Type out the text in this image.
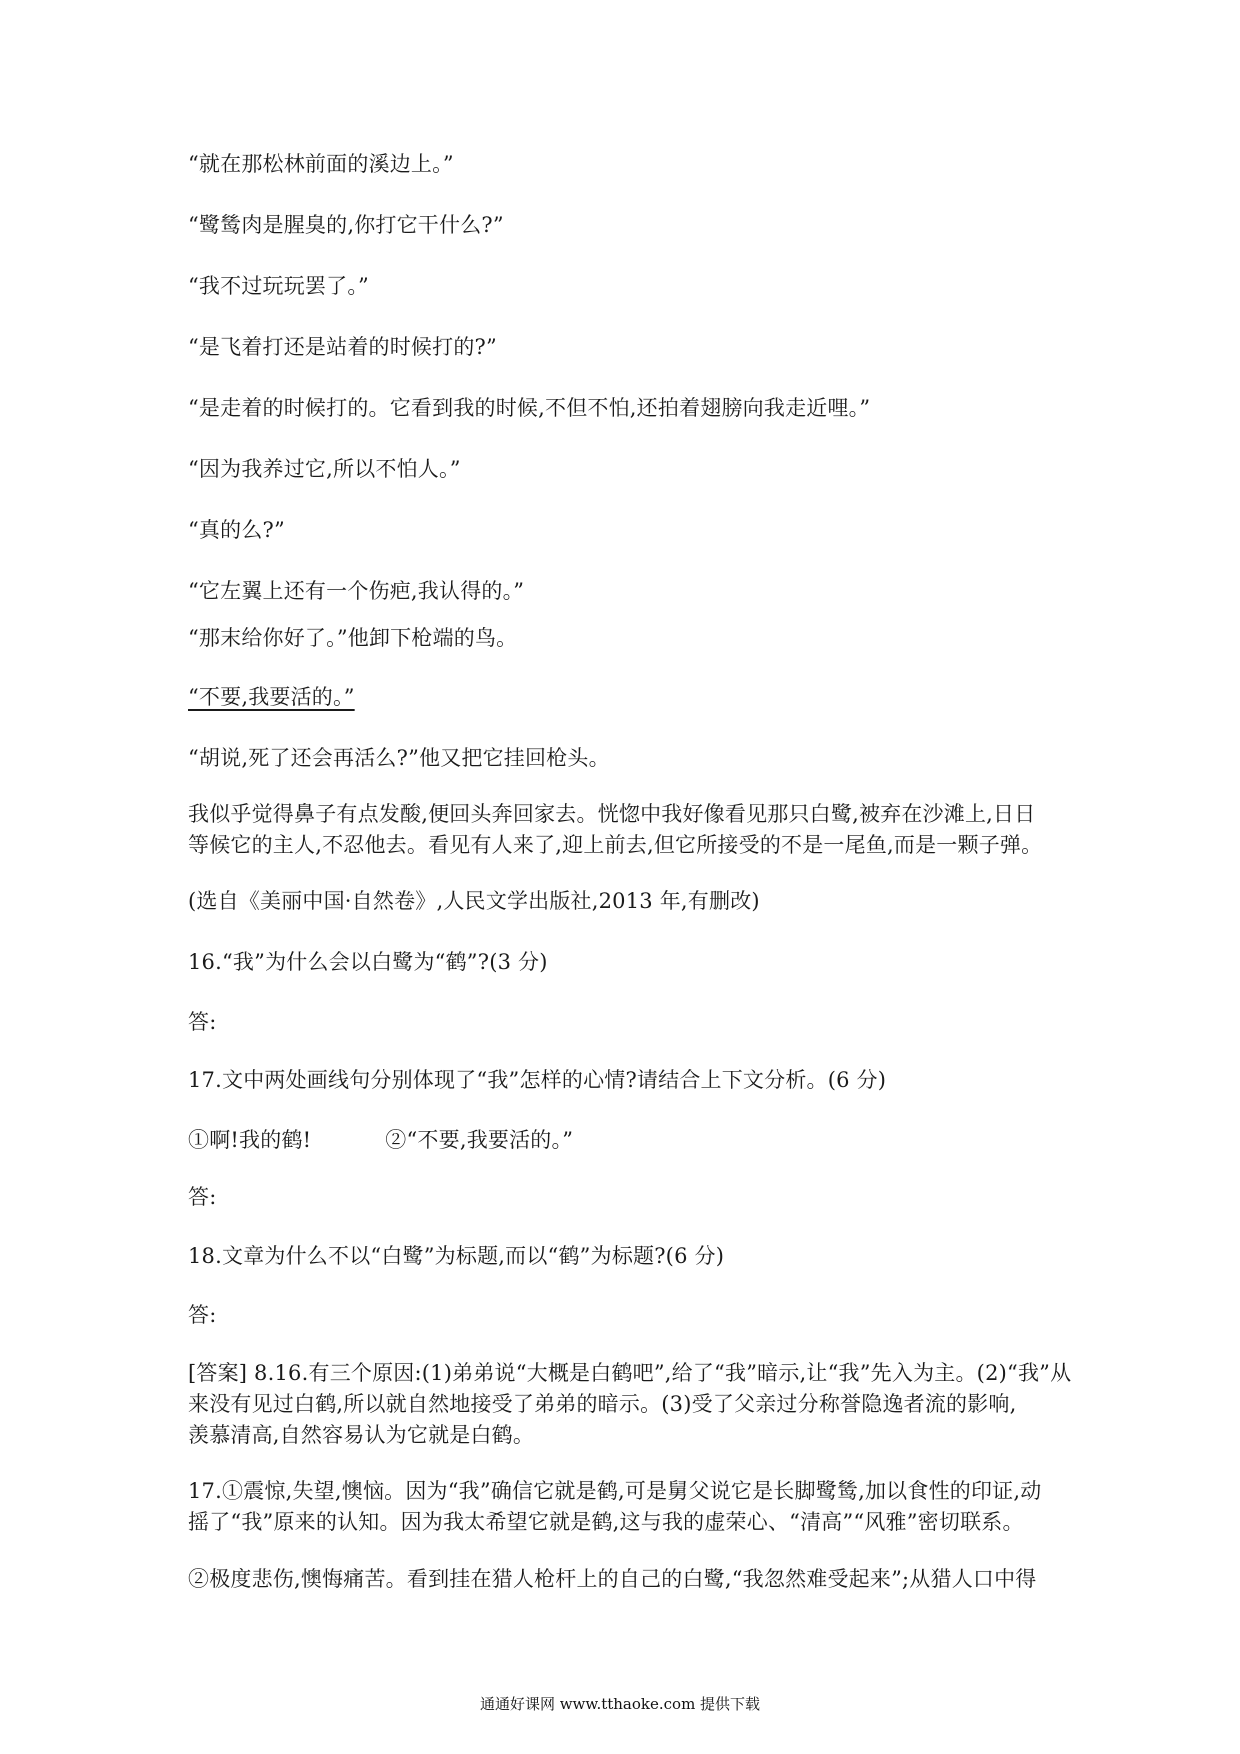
“就在那松林前面的溪边上。”
“鹭鸶肉是腥臭的,你打它干什么?”
“我不过玩玩罢了。”
“是飞着打还是站着的时候打的?”
“是走着的时候打的。它看到我的时候,不但不怕,还拍着翅膀向我走近哩。”
“因为我养过它,所以不怕人。”
“真的么?”
“它左翼上还有一个伤疤,我认得的。”
“那末给你好了。”他卸下枪端的鸟。
“不要,我要活的。”
“胡说,死了还会再活么?”他又把它挂回枪头。
我似乎觉得鼻子有点发酸,便回头奔回家去。恍惚中我好像看见那只白鹭,被弃在沙滩上,日日
等候它的主人,不忍他去。看见有人来了,迎上前去,但它所接受的不是一尾鱼,而是一颗子弹。
(选自《美丽中国·自然卷》,人民文学出版社,2013 年,有删改)
16.“我”为什么会以白鹭为“鹤”?(3 分)
答:
17.文中两处画线句分别体现了“我”怎样的心情?请结合上下文分析。(6 分)
①啊!我的鹤!	②“不要,我要活的。”
答:
18.文章为什么不以“白鹭”为标题,而以“鹤”为标题?(6 分)
答:
[答案] 8.16.有三个原因:(1)弟弟说“大概是白鹤吧”,给了“我”暗示,让“我”先入为主。(2)“我”从
来没有见过白鹤,所以就自然地接受了弟弟的暗示。(3)受了父亲过分称誉隐逸者流的影响,
羡慕清高,自然容易认为它就是白鹤。
17.①震惊,失望,懊恼。因为“我”确信它就是鹤,可是舅父说它是长脚鹭鸶,加以食性的印证,动
摇了“我”原来的认知。因为我太希望它就是鹤,这与我的虚荣心、“清高”“风雅”密切联系。
②极度悲伤,懊悔痛苦。看到挂在猎人枪杆上的自己的白鹭,“我忽然难受起来”;从猎人口中得
通通好课网 www.tthaoke.com 提供下载
